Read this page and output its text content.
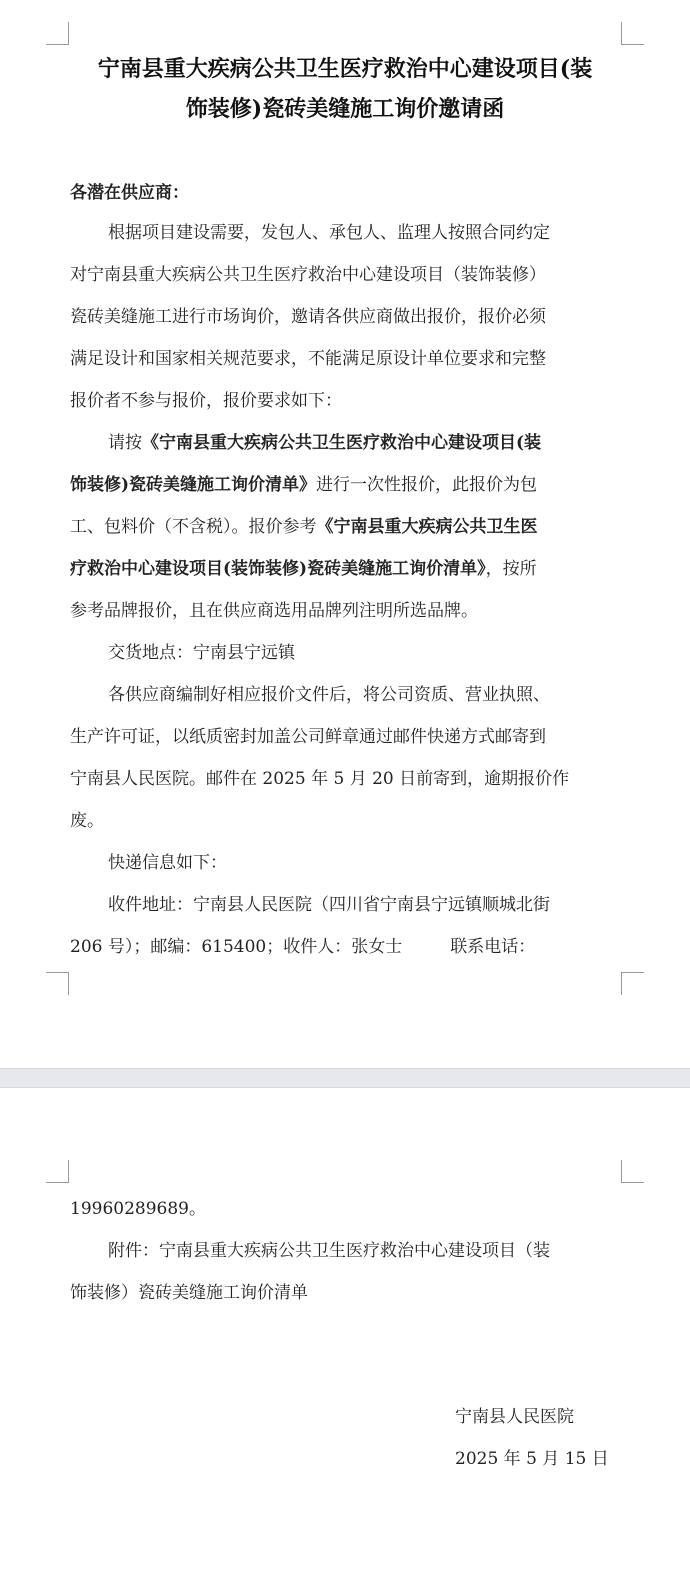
宁南县重大疾病公共卫生医疗救治中心建设项目(装
饰装修)瓷砖美缝施工询价邀请函
各潜在供应商：
根据项目建设需要，发包人、承包人、监理人按照合同约定
对宁南县重大疾病公共卫生医疗救治中心建设项目（装饰装修）
瓷砖美缝施工进行市场询价，邀请各供应商做出报价，报价必须
满足设计和国家相关规范要求，不能满足原设计单位要求和完整
报价者不参与报价，报价要求如下：
请按《宁南县重大疾病公共卫生医疗救治中心建设项目(装
饰装修)瓷砖美缝施工询价清单》进行一次性报价，此报价为包
工、包料价（不含税）。报价参考《宁南县重大疾病公共卫生医
疗救治中心建设项目(装饰装修)瓷砖美缝施工询价清单》，按所
参考品牌报价，且在供应商选用品牌列注明所选品牌。
交货地点：宁南县宁远镇
各供应商编制好相应报价文件后，将公司资质、营业执照、
生产许可证，以纸质密封加盖公司鲜章通过邮件快递方式邮寄到
宁南县人民医院。邮件在 2025 年 5 月 20 日前寄到，逾期报价作
废。
快递信息如下：
收件地址：宁南县人民医院（四川省宁南县宁远镇顺城北街
206 号）；邮编：615400；收件人：张女士	联系电话：
19960289689。
附件：宁南县重大疾病公共卫生医疗救治中心建设项目（装
饰装修）瓷砖美缝施工询价清单
宁南县人民医院
2025 年 5 月 15 日
